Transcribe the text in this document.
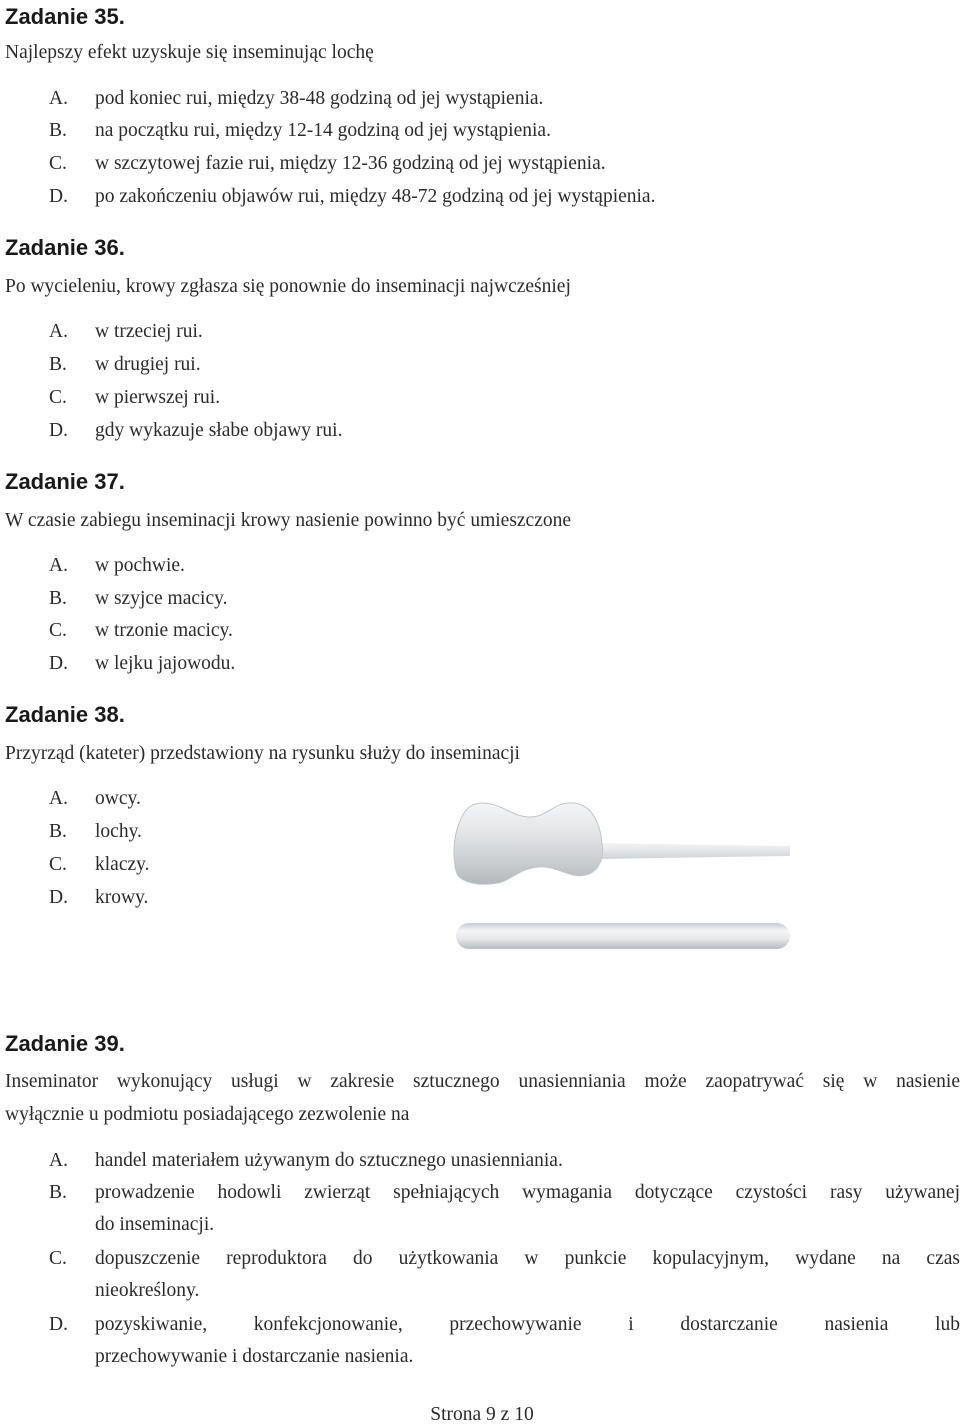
Zadanie 35.
Najlepszy efekt uzyskuje się inseminując lochę
A. pod koniec rui, między 38-48 godziną od jej wystąpienia.
B. na początku rui, między 12-14 godziną od jej wystąpienia.
C. w szczytowej fazie rui, między 12-36 godziną od jej wystąpienia.
D. po zakończeniu objawów rui, między 48-72 godziną od jej wystąpienia.
Zadanie 36.
Po wycieleniu, krowy zgłasza się ponownie do inseminacji najwcześniej
A. w trzeciej rui.
B. w drugiej rui.
C. w pierwszej rui.
D. gdy wykazuje słabe objawy rui.
Zadanie 37.
W czasie zabiegu inseminacji krowy nasienie powinno być umieszczone
A. w pochwie.
B. w szyjce macicy.
C. w trzonie macicy.
D. w lejku jajowodu.
Zadanie 38.
Przyrząd (kateter) przedstawiony na rysunku służy do inseminacji
A. owcy.
B. lochy.
C. klaczy.
D. krowy.
Zadanie 39.
Inseminator wykonujący usługi w zakresie sztucznego unasienniania może zaopatrywać się w nasienie
wyłącznie u podmiotu posiadającego zezwolenie na
A. handel materiałem używanym do sztucznego unasienniania.
B. prowadzenie hodowli zwierząt spełniających wymagania dotyczące czystości rasy używanej
do inseminacji.
C. dopuszczenie reproduktora do użytkowania w punkcie kopulacyjnym, wydane na czas
nieokreślony.
D. pozyskiwanie, konfekcjonowanie, przechowywanie i dostarczanie nasienia lub
przechowywanie i dostarczanie nasienia.
Strona 9 z 10
